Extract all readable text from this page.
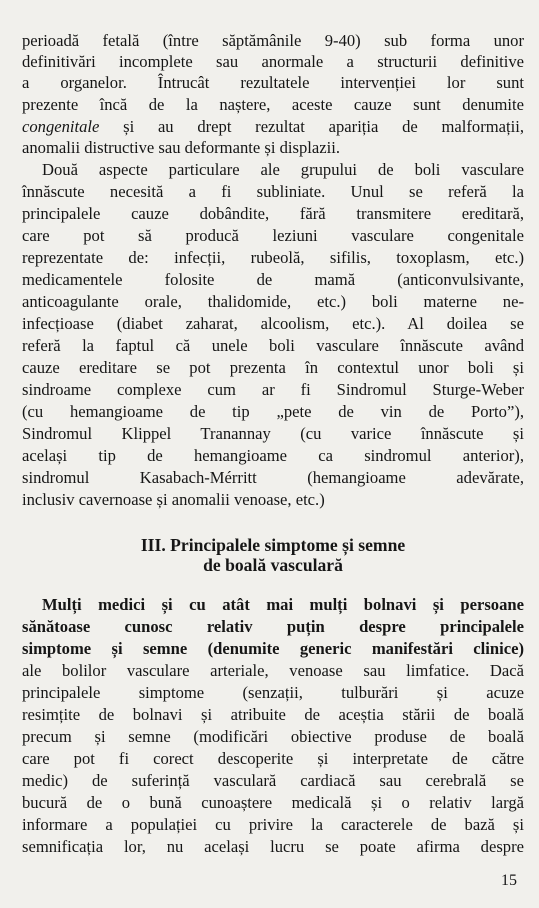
perioadă fetală (între săptămânile 9-40) sub forma unor
definitivări incomplete sau anormale a structurii definitive
a organelor. Întrucât rezultatele intervenției lor sunt
prezente încă de la naștere, aceste cauze sunt denumite
congenitale și au drept rezultat apariția de malformații,
anomalii distructive sau deformante și displazii.
Două aspecte particulare ale grupului de boli vasculare
înnăscute necesită a fi subliniate. Unul se referă la
principalele cauze dobândite, fără transmitere ereditară,
care pot să producă leziuni vasculare congenitale
reprezentate de: infecții, rubeolă, sifilis, toxoplasm, etc.)
medicamentele folosite de mamă (anticonvulsivante,
anticoagulante orale, thalidomide, etc.) boli materne ne-
infecțioase (diabet zaharat, alcoolism, etc.). Al doilea se
referă la faptul că unele boli vasculare înnăscute având
cauze ereditare se pot prezenta în contextul unor boli și
sindroame complexe cum ar fi Sindromul Sturge-Weber
(cu hemangioame de tip „pete de vin de Porto”),
Sindromul Klippel Tranannay (cu varice înnăscute și
același tip de hemangioame ca sindromul anterior),
sindromul Kasabach-Mérritt (hemangioame adevărate,
inclusiv cavernoase și anomalii venoase, etc.)
III. Principalele simptome și semne
de boală vasculară
Mulți medici și cu atât mai mulți bolnavi și persoane
sănătoase cunosc relativ puțin despre principalele
simptome și semne (denumite generic manifestări clinice)
ale bolilor vasculare arteriale, venoase sau limfatice. Dacă
principalele simptome (senzații, tulburări și acuze
resimțite de bolnavi și atribuite de aceștia stării de boală
precum și semne (modificări obiective produse de boală
care pot fi corect descoperite și interpretate de către
medic) de suferință vasculară cardiacă sau cerebrală se
bucură de o bună cunoaștere medicală și o relativ largă
informare a populației cu privire la caracterele de bază și
semnificația lor, nu același lucru se poate afirma despre
15
